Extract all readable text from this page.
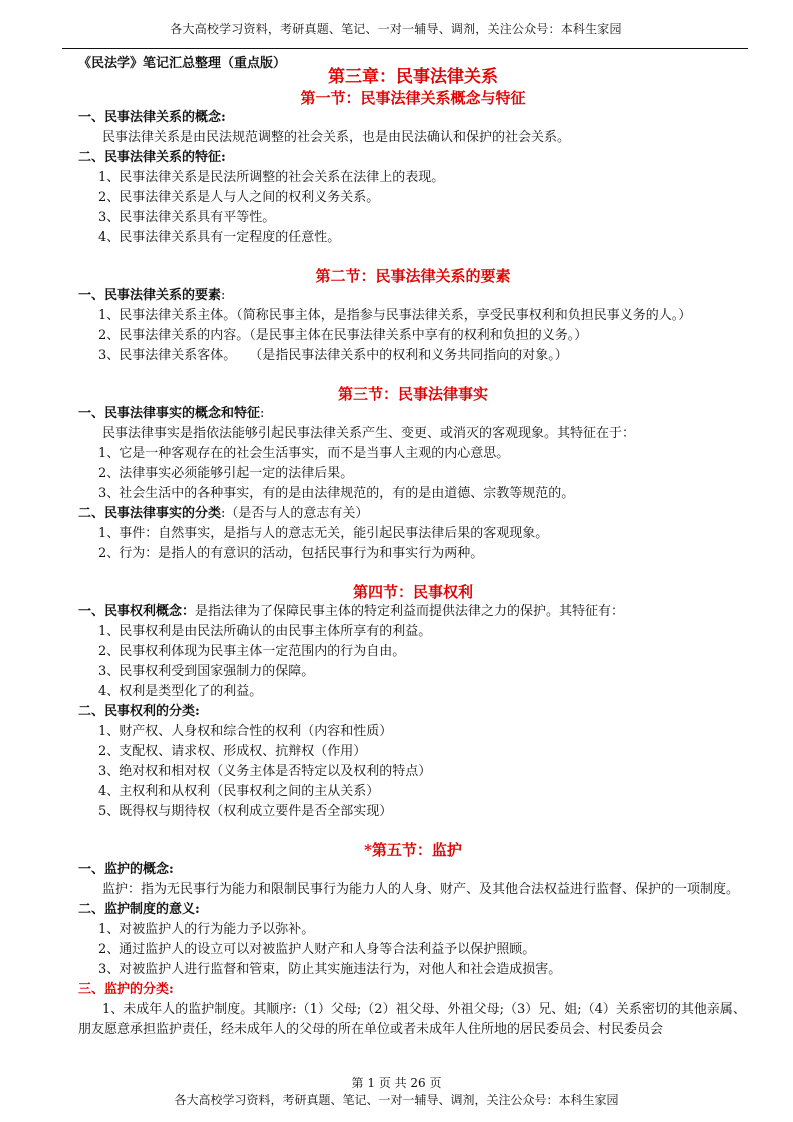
各大高校学习资料，考研真题、笔记、一对一辅导、调剂，关注公众号：本科生家园
《民法学》笔记汇总整理（重点版）
第三章：民事法律关系
第一节：民事法律关系概念与特征
一、民事法律关系的概念:
民事法律关系是由民法规范调整的社会关系，也是由民法确认和保护的社会关系。
二、民事法律关系的特征:
1、民事法律关系是民法所调整的社会关系在法律上的表现。
2、民事法律关系是人与人之间的权利义务关系。
3、民事法律关系具有平等性。
4、民事法律关系具有一定程度的任意性。
第二节：民事法律关系的要素
一、民事法律关系的要素:
1、民事法律关系主体。（简称民事主体，是指参与民事法律关系，享受民事权利和负担民事义务的人。）
2、民事法律关系的内容。（是民事主体在民事法律关系中享有的权利和负担的义务。）
3、民事法律关系客体。　　（是指民事法律关系中的权利和义务共同指向的对象。）
第三节：民事法律事实
一、民事法律事实的概念和特征:
民事法律事实是指依法能够引起民事法律关系产生、变更、或消灭的客观现象。其特征在于：
1、它是一种客观存在的社会生活事实，而不是当事人主观的内心意思。
2、法律事实必须能够引起一定的法律后果。
3、社会生活中的各种事实，有的是由法律规范的，有的是由道德、宗教等规范的。
二、民事法律事实的分类:（是否与人的意志有关）
1、事件：自然事实，是指与人的意志无关，能引起民事法律后果的客观现象。
2、行为：是指人的有意识的活动，包括民事行为和事实行为两种。
第四节：民事权利
一、民事权利概念：是指法律为了保障民事主体的特定利益而提供法律之力的保护。其特征有：
1、民事权利是由民法所确认的由民事主体所享有的利益。
2、民事权利体现为民事主体一定范围内的行为自由。
3、民事权利受到国家强制力的保障。
4、权利是类型化了的利益。
二、民事权利的分类:
1、财产权、人身权和综合性的权利（内容和性质）
2、支配权、请求权、形成权、抗辩权（作用）
3、绝对权和相对权（义务主体是否特定以及权利的特点）
4、主权利和从权利（民事权利之间的主从关系）
5、既得权与期待权（权利成立要件是否全部实现）
*第五节：监护
一、监护的概念:
监护：指为无民事行为能力和限制民事行为能力人的人身、财产、及其他合法权益进行监督、保护的一项制度。
二、监护制度的意义:
1、对被监护人的行为能力予以弥补。
2、通过监护人的设立可以对被监护人财产和人身等合法利益予以保护照顾。
3、对被监护人进行监督和管束，防止其实施违法行为，对他人和社会造成损害。
三、监护的分类:
1、未成年人的监护制度。其顺序:（1）父母;（2）祖父母、外祖父母;（3）兄、姐;（4）关系密切的其他亲属、朋友愿意承担监护责任，经未成年人的父母的所在单位或者未成年人住所地的居民委员会、村民委员会
第 1 页 共 26 页
各大高校学习资料，考研真题、笔记、一对一辅导、调剂，关注公众号：本科生家园
